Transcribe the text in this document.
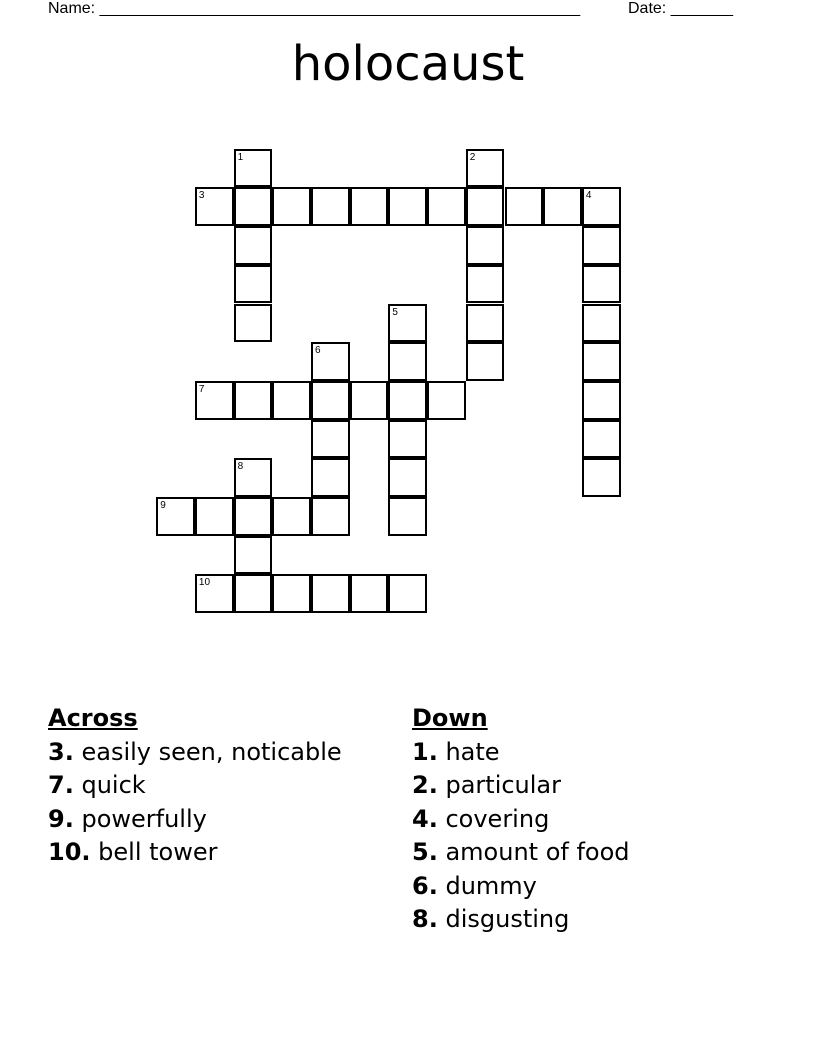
Name: ______________________________________________________	Date: _______
holocaust
1	2
3	4
5
6
7
8
9
10
Across
3. easily seen, noticable
7. quick
9. powerfully
10. bell tower
Down
1. hate
2. particular
4. covering
5. amount of food
6. dummy
8. disgusting
